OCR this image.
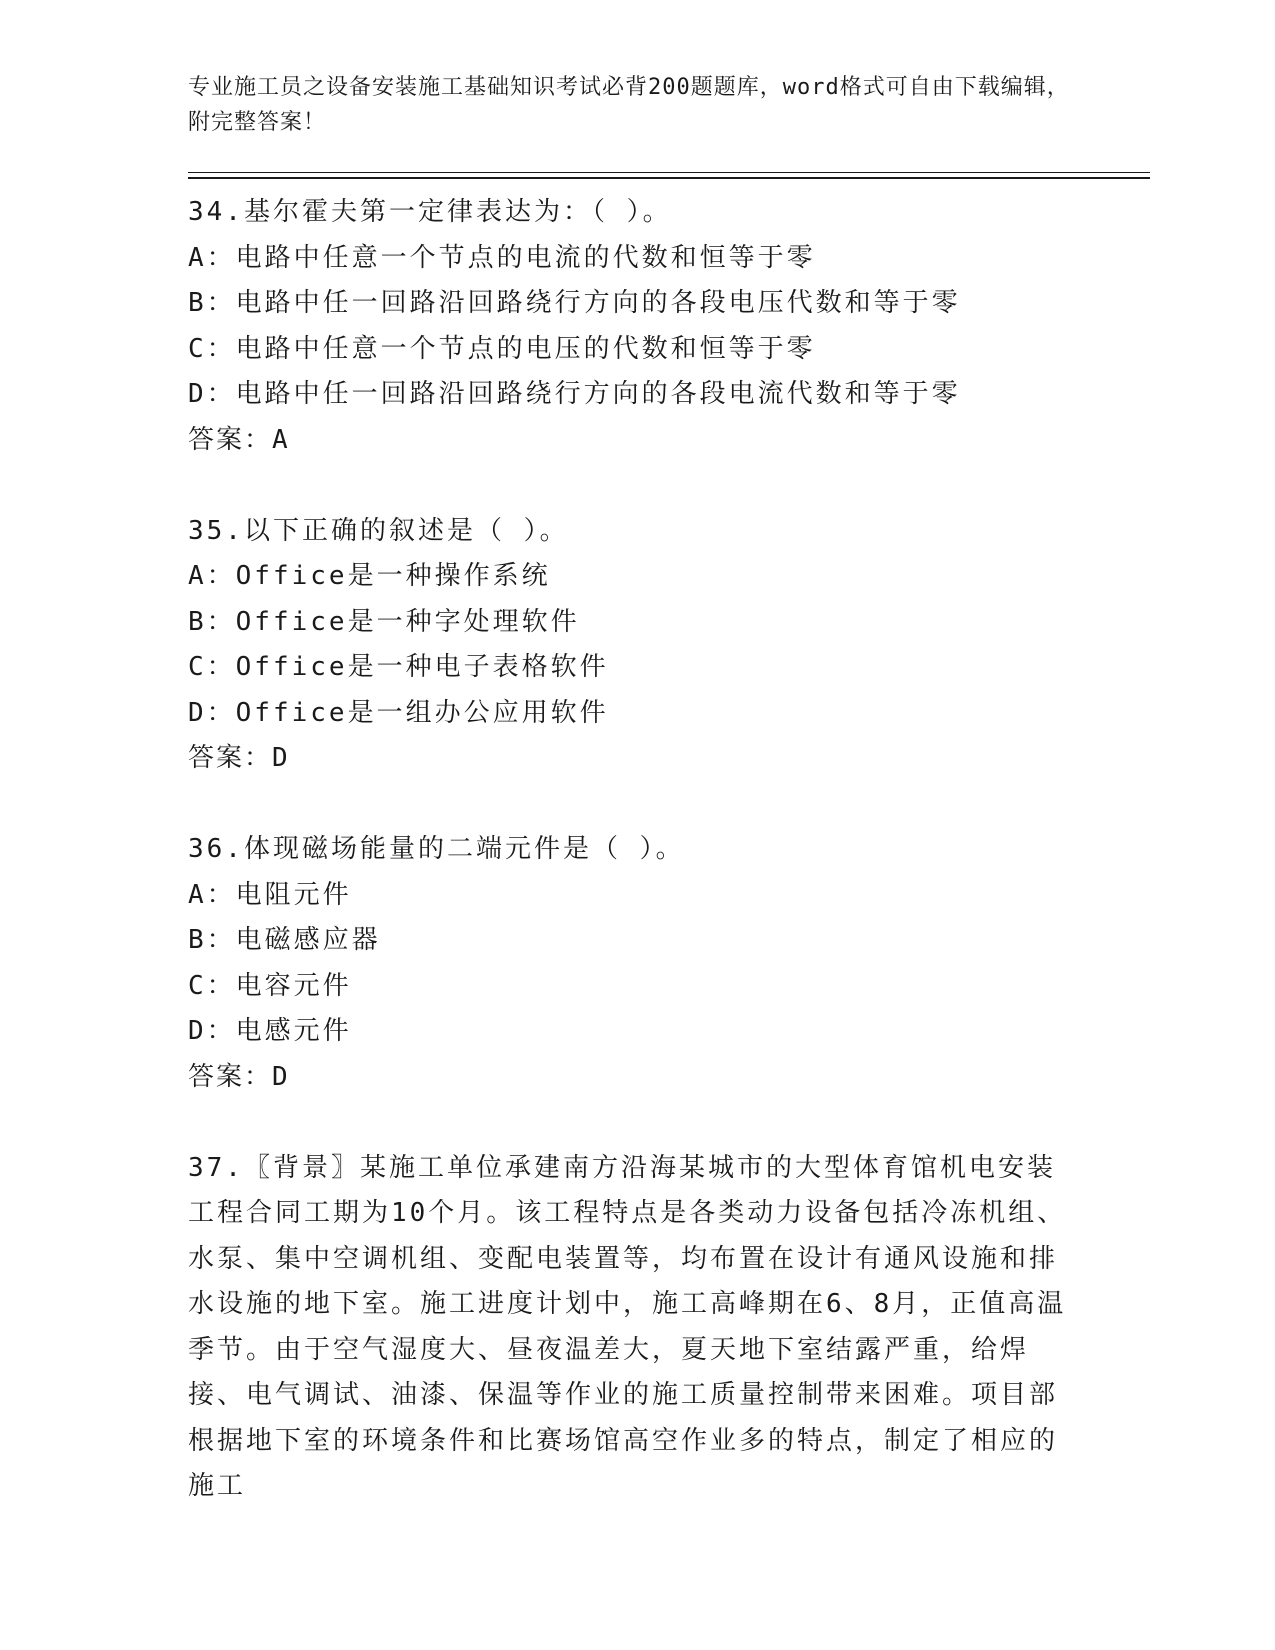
专业施工员之设备安装施工基础知识考试必背200题题库，word格式可自由下载编辑，附完整答案！
34.基尔霍夫第一定律表达为：（ ）。
A：电路中任意一个节点的电流的代数和恒等于零
B：电路中任一回路沿回路绕行方向的各段电压代数和等于零
C：电路中任意一个节点的电压的代数和恒等于零
D：电路中任一回路沿回路绕行方向的各段电流代数和等于零
答案：A
35.以下正确的叙述是（ ）。
A：Office是一种操作系统
B：Office是一种字处理软件
C：Office是一种电子表格软件
D：Office是一组办公应用软件
答案：D
36.体现磁场能量的二端元件是（ ）。
A：电阻元件
B：电磁感应器
C：电容元件
D：电感元件
答案：D
37.〖背景〗某施工单位承建南方沿海某城市的大型体育馆机电安装工程合同工期为10个月。该工程特点是各类动力设备包括冷冻机组、水泵、集中空调机组、变配电装置等，均布置在设计有通风设施和排水设施的地下室。施工进度计划中，施工高峰期在6、8月，正值高温季节。由于空气湿度大、昼夜温差大，夏天地下室结露严重，给焊接、电气调试、油漆、保温等作业的施工质量控制带来困难。项目部根据地下室的环境条件和比赛场馆高空作业多的特点，制定了相应的施工
